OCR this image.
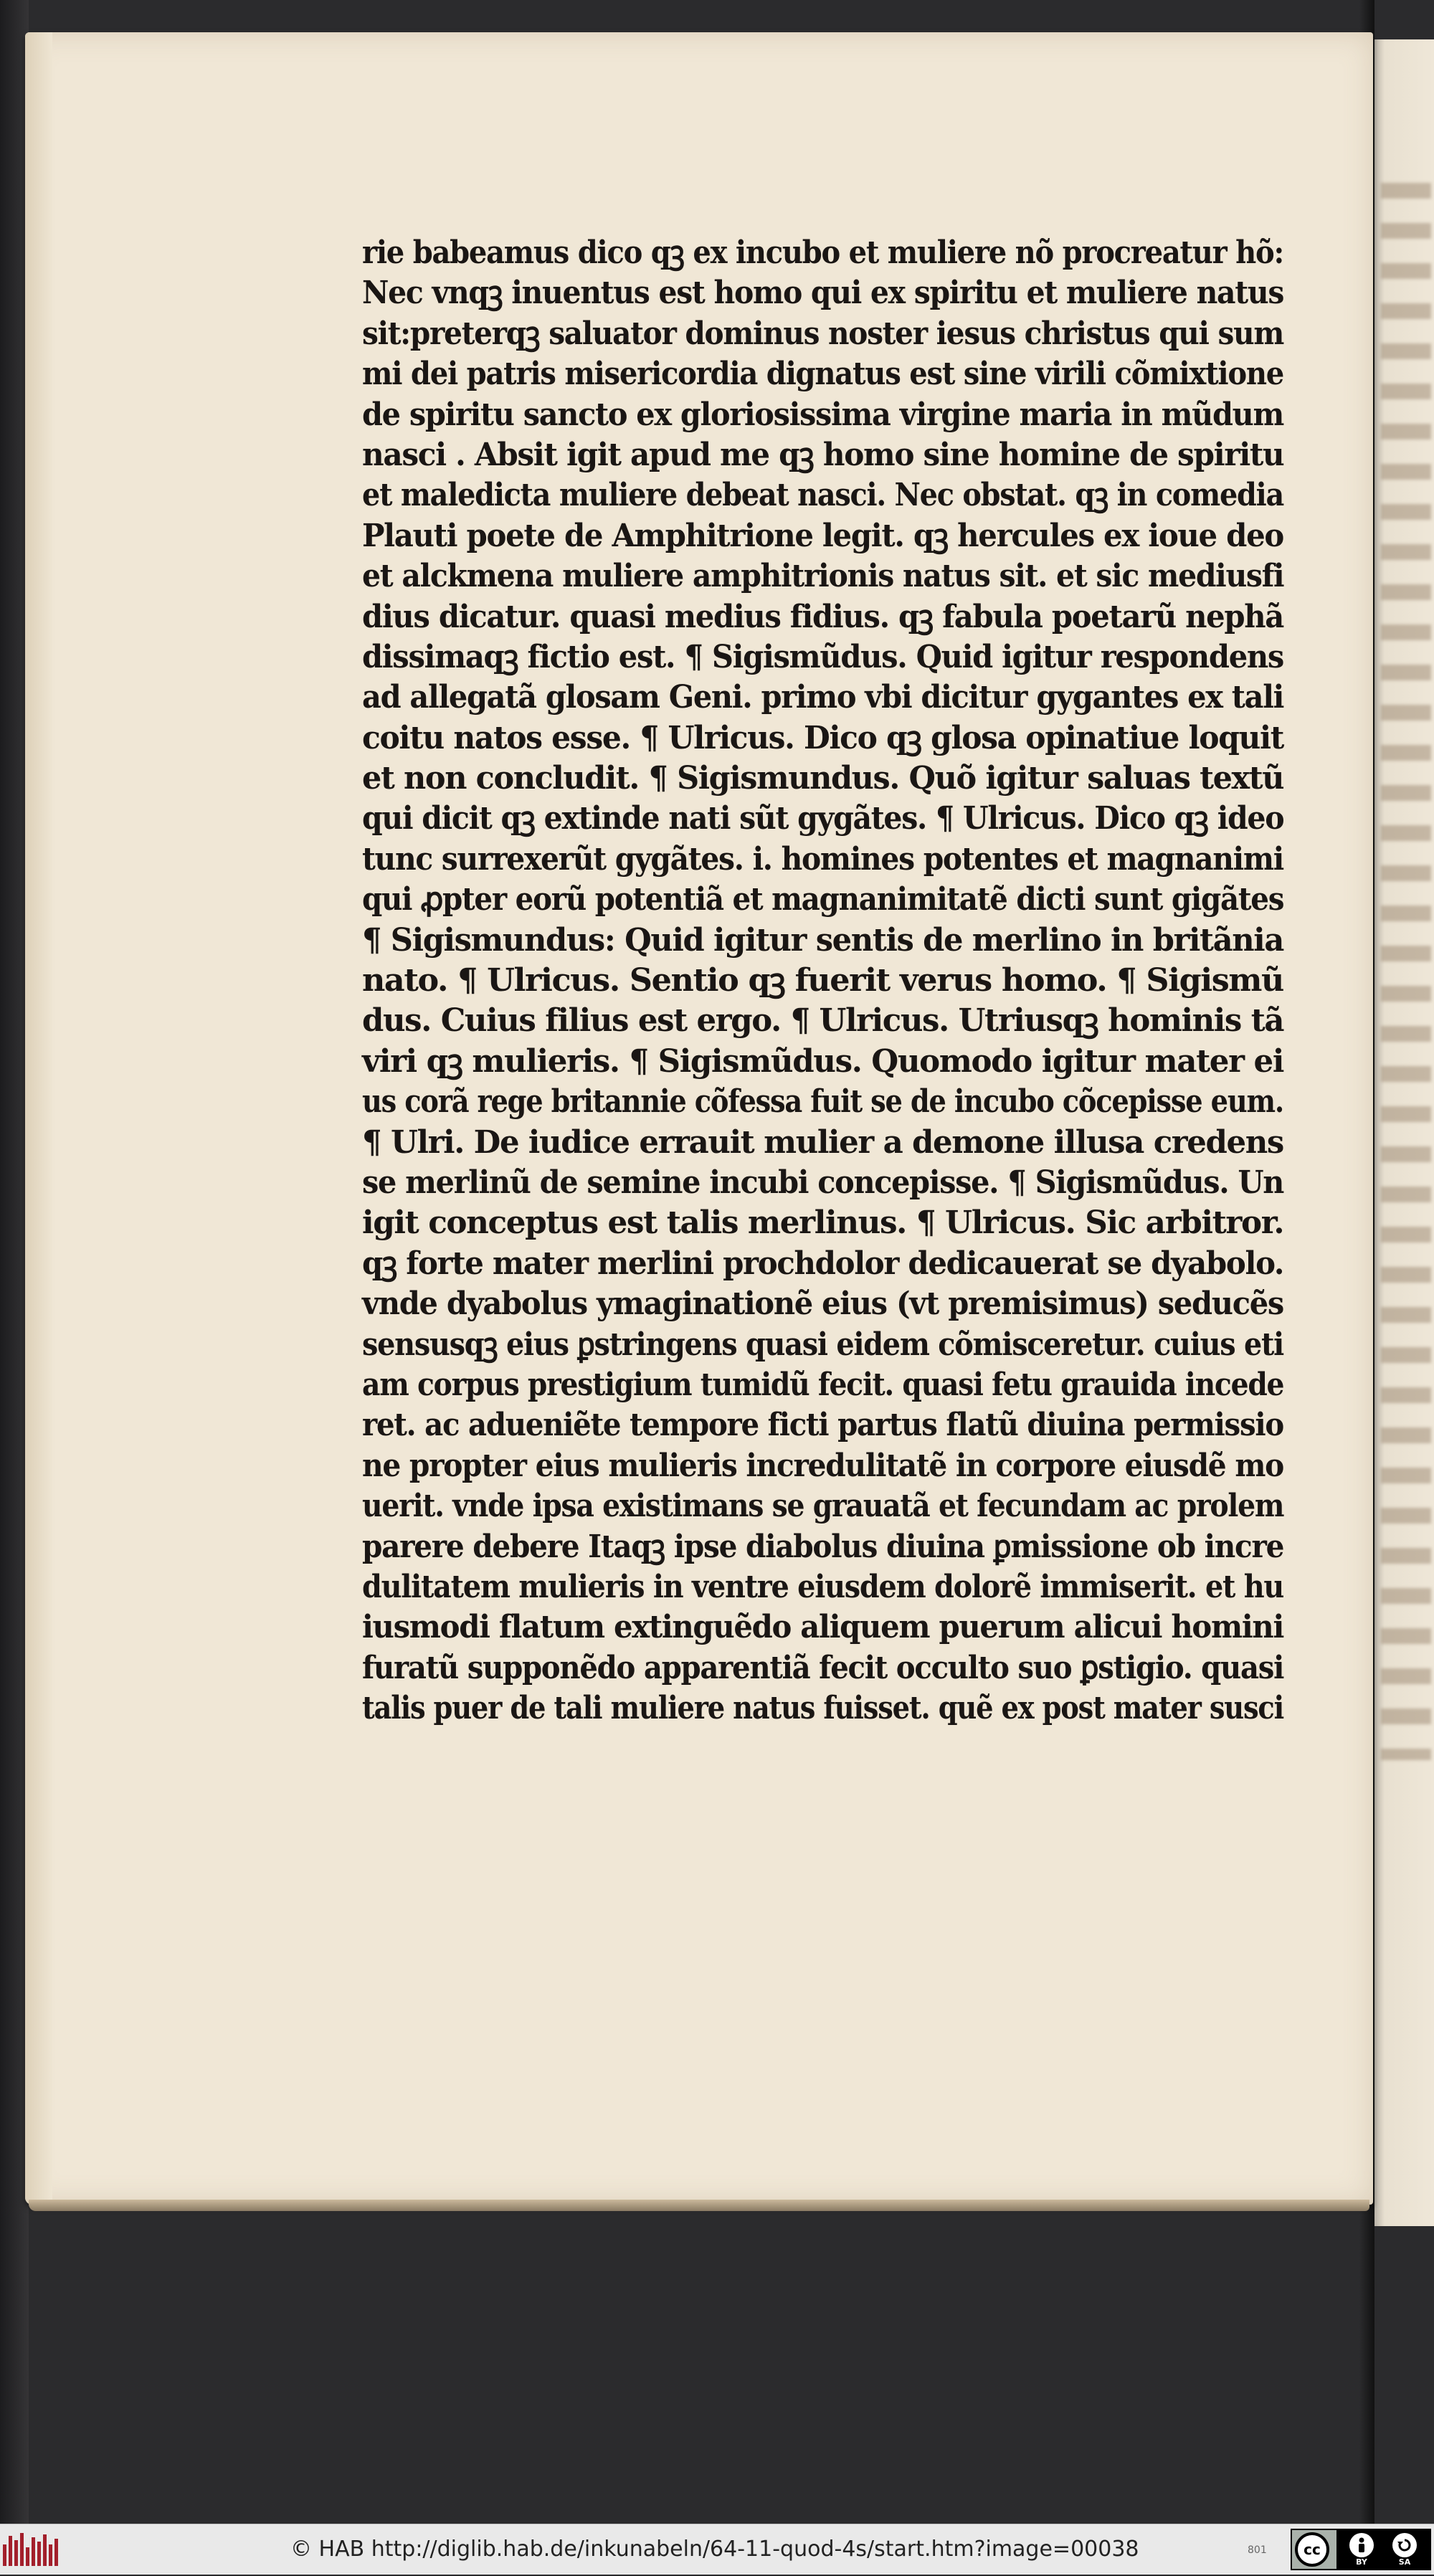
rie babeamus dico qꝫ ex incubo et muliere nõ procreatur hõ:
Nec vnqꝫ inuentus est homo qui ex spiritu et muliere natus
sit:preterqꝫ saluator dominus noster iesus christus qui sum
mi dei patris misericordia dignatus est sine virili cõmixtione
de spiritu sancto ex gloriosissima virgine maria in mũdum
nasci . Absit igit apud me qꝫ homo sine homine de spiritu
et maledicta muliere debeat nasci. Nec obstat. qꝫ in comedia
Plauti poete de Amphitrione legit. qꝫ hercules ex ioue deo
et alckmena muliere amphitrionis natus sit. et sic mediusfi
dius dicatur. quasi medius fidius. qꝫ fabula poetarũ nephã
dissimaqꝫ fictio est. ¶ Sigismũdus. Quid igitur respondens
ad allegatã glosam Geni. primo vbi dicitur gygantes ex tali
coitu natos esse. ¶ Ulricus. Dico qꝫ glosa opinatiue loquit
et non concludit. ¶ Sigismundus. Quõ igitur saluas textũ
qui dicit qꝫ extinde nati sũt gygãtes. ¶ Ulricus. Dico qꝫ ideo
tunc surrexerũt gygãtes. i. homines potentes et magnanimi
qui ꝓpter eorũ potentiã et magnanimitatẽ dicti sunt gigãtes
¶ Sigismundus: Quid igitur sentis de merlino in britãnia
nato. ¶ Ulricus. Sentio qꝫ fuerit verus homo. ¶ Sigismũ
dus. Cuius filius est ergo. ¶ Ulricus. Utriusqꝫ hominis tã
viri qꝫ mulieris. ¶ Sigismũdus. Quomodo igitur mater ei
us corã rege britannie cõfessa fuit se de incubo cõcepisse eum.
¶ Ulri. De iudice errauit mulier a demone illusa credens
se merlinũ de semine incubi concepisse. ¶ Sigismũdus. Un
igit conceptus est talis merlinus. ¶ Ulricus. Sic arbitror.
qꝫ forte mater merlini prochdolor dedicauerat se dyabolo.
vnde dyabolus ymaginationẽ eius (vt premisimus) seducẽs
sensusqꝫ eius ꝑstringens quasi eidem cõmisceretur. cuius eti
am corpus prestigium tumidũ fecit. quasi fetu grauida incede
ret. ac adueniẽte tempore ficti partus flatũ diuina permissio
ne propter eius mulieris incredulitatẽ in corpore eiusdẽ mo
uerit. vnde ipsa existimans se grauatã et fecundam ac prolem
parere debere Itaqꝫ ipse diabolus diuina ꝑmissione ob incre
dulitatem mulieris in ventre eiusdem dolorẽ immiserit. et hu
iusmodi flatum extinguẽdo aliquem puerum alicui homini
furatũ supponẽdo apparentiã fecit occulto suo ꝑstigio. quasi
talis puer de tali muliere natus fuisset. quẽ ex post mater susci
© HAB http://diglib.hab.de/inkunabeln/64-11-quod-4s/start.htm?image=00038	801	cc
BY	SA
